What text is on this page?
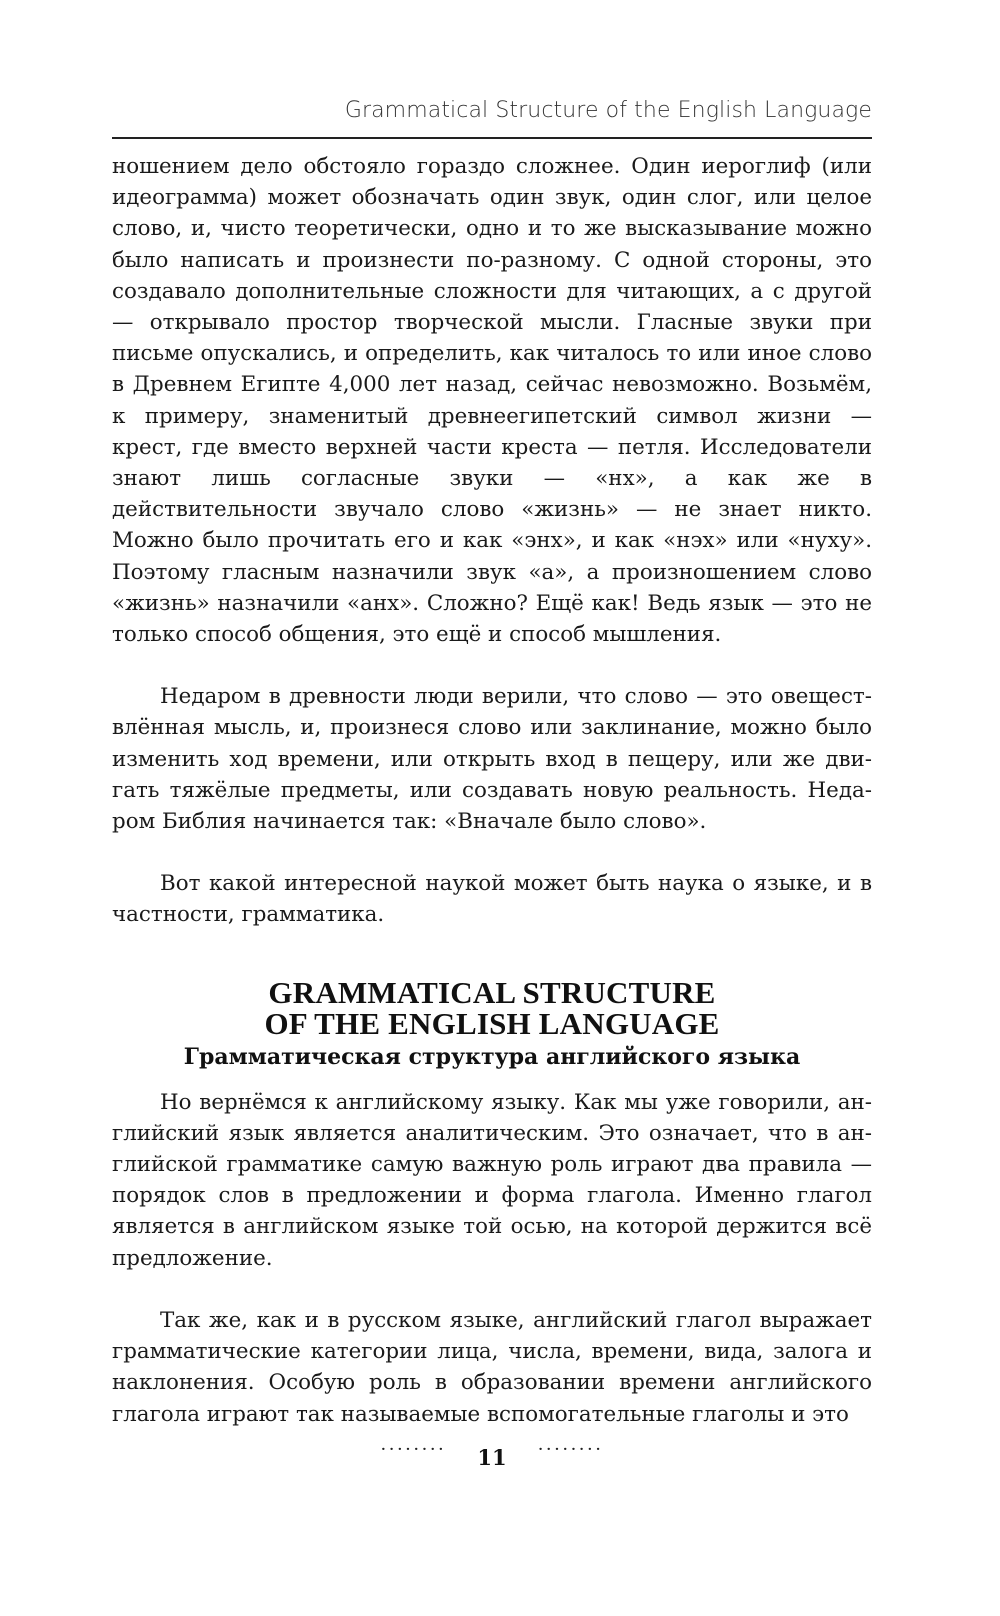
Grammatical Structure of the English Language

ношением дело обстояло гораздо сложнее. Один иероглиф (или идеограмма) может обозначать один звук, один слог, или целое слово, и, чисто теоретически, одно и то же высказывание можно было написать и произнести по-разному. С одной стороны, это создавало дополнительные сложности для читающих, а с другой — открывало простор творческой мысли. Гласные звуки при письме опускались, и определить, как читалось то или иное слово в Древнем Египте 4,000 лет назад, сейчас невозможно. Возьмём, к примеру, знаменитый древнеегипетский символ жизни — крест, где вместо верхней части креста — петля. Исследователи знают лишь согласные звуки — «нх», а как же в действительности звучало слово «жизнь» — не знает никто. Можно было прочитать его и как «энх», и как «нэх» или «нуху». Поэтому гласным назначили звук «а», а произношением слово «жизнь» назначили «анх». Сложно? Ещё как! Ведь язык — это не только способ общения, это ещё и способ мышления.

Недаром в древности люди верили, что слово — это овеществлённая мысль, и, произнеся слово или заклинание, можно было изменить ход времени, или открыть вход в пещеру, или же двигать тяжёлые предметы, или создавать новую реальность. Недаром Библия начинается так: «Вначале было слово».

Вот какой интересной наукой может быть наука о языке, и в частности, грамматика.

GRAMMATICAL STRUCTURE
OF THE ENGLISH LANGUAGE
Грамматическая структура английского языка

Но вернёмся к английскому языку. Как мы уже говорили, английский язык является аналитическим. Это означает, что в английской грамматике самую важную роль играют два правила — порядок слов в предложении и форма глагола. Именно глагол является в английском языке той осью, на которой держится всё предложение.

Так же, как и в русском языке, английский глагол выражает грамматические категории лица, числа, времени, вида, залога и наклонения. Особую роль в образовании времени английского глагола играют так называемые вспомогательные глаголы и это

········ 11 ········
